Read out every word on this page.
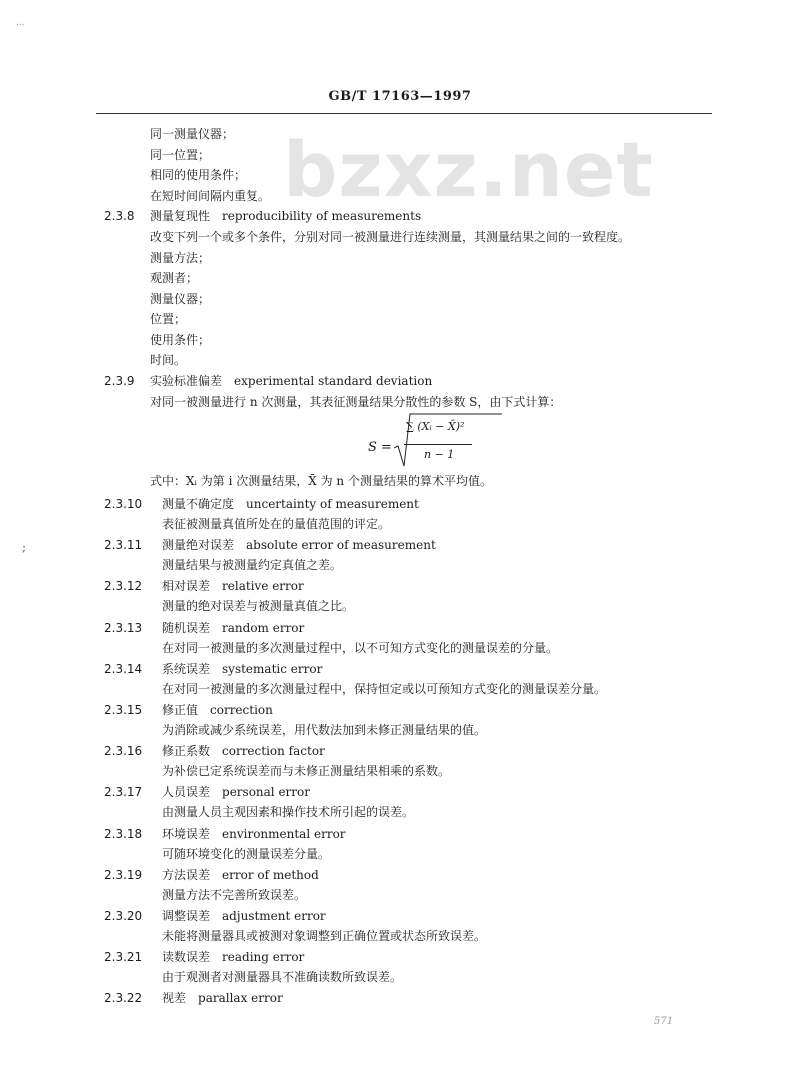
...
;
GB/T 17163—1997
bzxz.net
同一测量仪器；
同一位置；
相同的使用条件；
在短时间间隔内重复。
2.3.8 测量复现性 reproducibility of measurements
改变下列一个或多个条件，分别对同一被测量进行连续测量，其测量结果之间的一致程度。
测量方法；
观测者；
测量仪器；
位置；
使用条件；
时间。
2.3.9 实验标准偏差 experimental standard deviation
对同一被测量进行 n 次测量，其表征测量结果分散性的参数 S，由下式计算：
S =
∑ (Xᵢ − X̄)²
n − 1
式中：Xᵢ 为第 i 次测量结果，X̄ 为 n 个测量结果的算术平均值。
2.3.10 测量不确定度 uncertainty of measurement
表征被测量真值所处在的量值范围的评定。
2.3.11 测量绝对误差 absolute error of measurement
测量结果与被测量约定真值之差。
2.3.12 相对误差 relative error
测量的绝对误差与被测量真值之比。
2.3.13 随机误差 random error
在对同一被测量的多次测量过程中，以不可知方式变化的测量误差的分量。
2.3.14 系统误差 systematic error
在对同一被测量的多次测量过程中，保持恒定或以可预知方式变化的测量误差分量。
2.3.15 修正值 correction
为消除或减少系统误差，用代数法加到未修正测量结果的值。
2.3.16 修正系数 correction factor
为补偿已定系统误差而与未修正测量结果相乘的系数。
2.3.17 人员误差 personal error
由测量人员主观因素和操作技术所引起的误差。
2.3.18 环境误差 environmental error
可随环境变化的测量误差分量。
2.3.19 方法误差 error of method
测量方法不完善所致误差。
2.3.20 调整误差 adjustment error
未能将测量器具或被测对象调整到正确位置或状态所致误差。
2.3.21 读数误差 reading error
由于观测者对测量器具不准确读数所致误差。
2.3.22 视差 parallax error
571
